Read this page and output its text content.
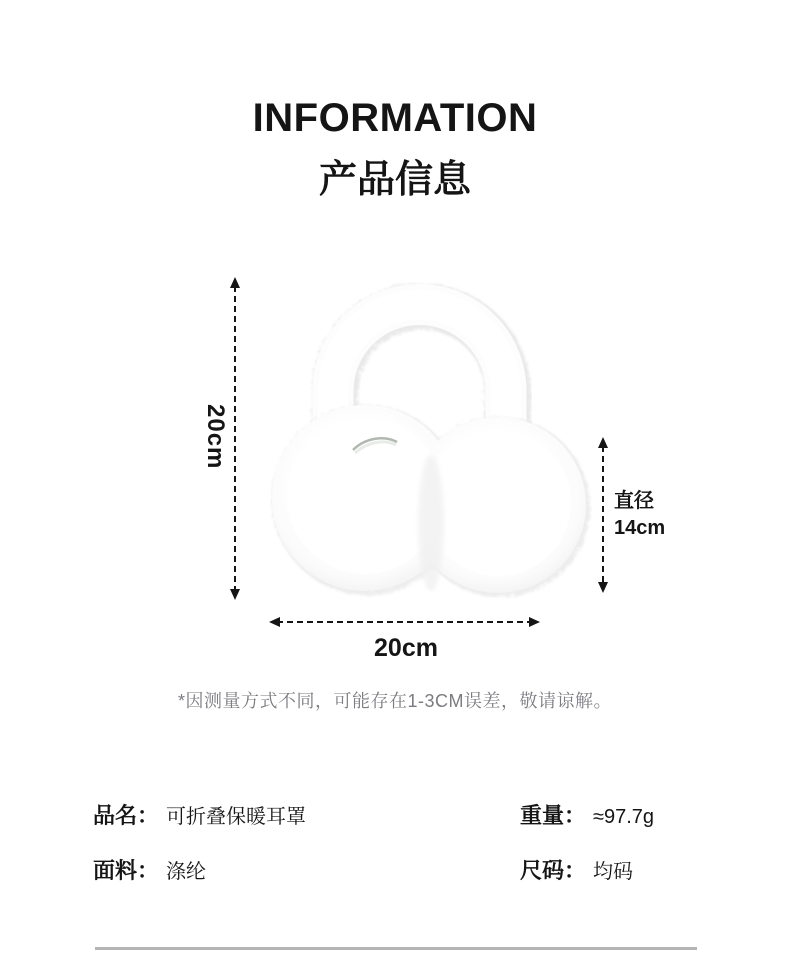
INFORMATION
产品信息
20cm
直径
14cm
20cm
*因测量方式不同，可能存在1-3CM误差，敬请谅解。
品名： 可折叠保暖耳罩	重量： ≈97.7g
面料： 涤纶	尺码： 均码
